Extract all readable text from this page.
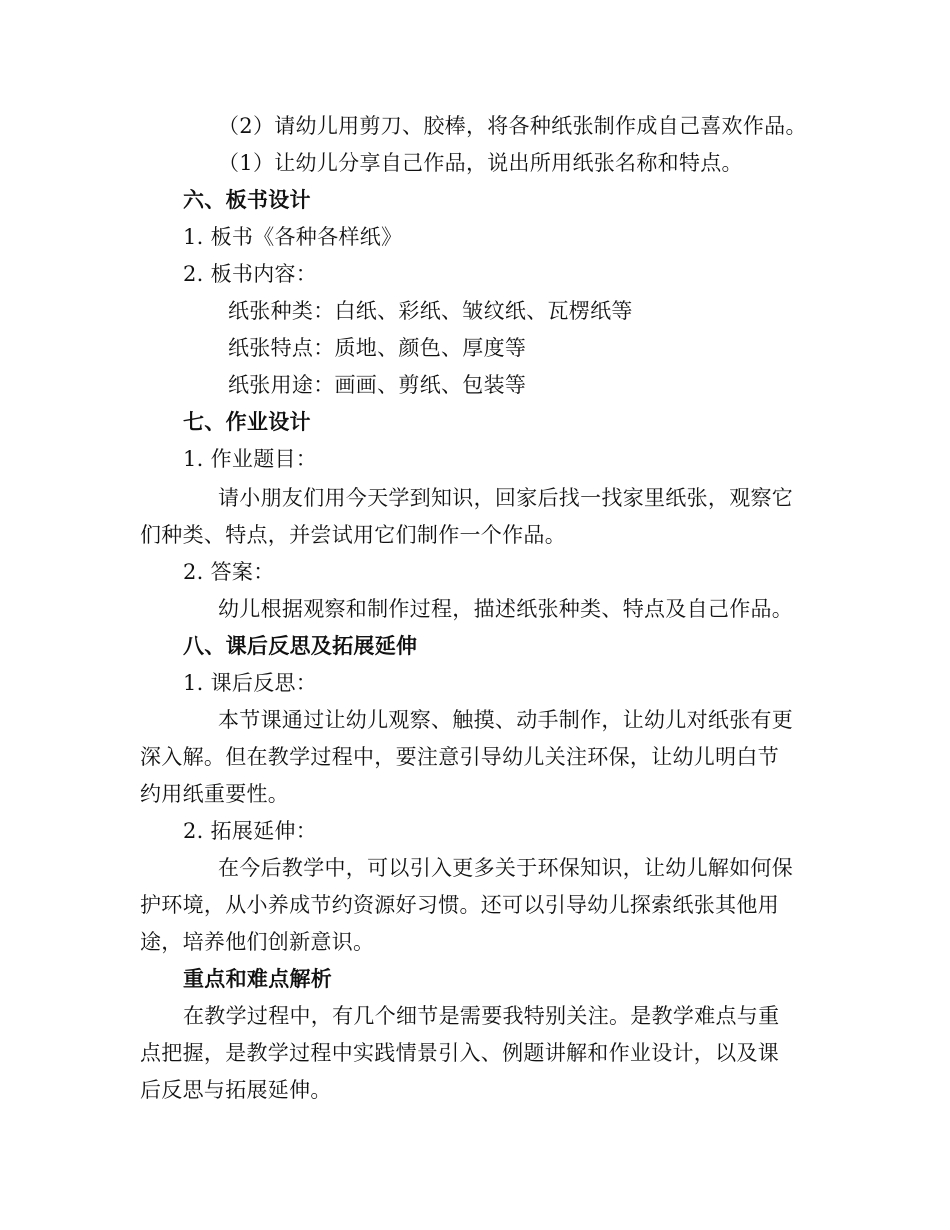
（2）请幼儿用剪刀、胶棒，将各种纸张制作成自己喜欢作品。
（1）让幼儿分享自己作品，说出所用纸张名称和特点。
六、板书设计
1. 板书《各种各样纸》
2. 板书内容：
纸张种类：白纸、彩纸、皱纹纸、瓦楞纸等
纸张特点：质地、颜色、厚度等
纸张用途：画画、剪纸、包装等
七、作业设计
1. 作业题目：
请小朋友们用今天学到知识，回家后找一找家里纸张，观察它
们种类、特点，并尝试用它们制作一个作品。
2. 答案：
幼儿根据观察和制作过程，描述纸张种类、特点及自己作品。
八、课后反思及拓展延伸
1. 课后反思：
本节课通过让幼儿观察、触摸、动手制作，让幼儿对纸张有更
深入解。但在教学过程中，要注意引导幼儿关注环保，让幼儿明白节
约用纸重要性。
2. 拓展延伸：
在今后教学中，可以引入更多关于环保知识，让幼儿解如何保
护环境，从小养成节约资源好习惯。还可以引导幼儿探索纸张其他用
途，培养他们创新意识。
重点和难点解析
在教学过程中，有几个细节是需要我特别关注。是教学难点与重
点把握，是教学过程中实践情景引入、例题讲解和作业设计，以及课
后反思与拓展延伸。
